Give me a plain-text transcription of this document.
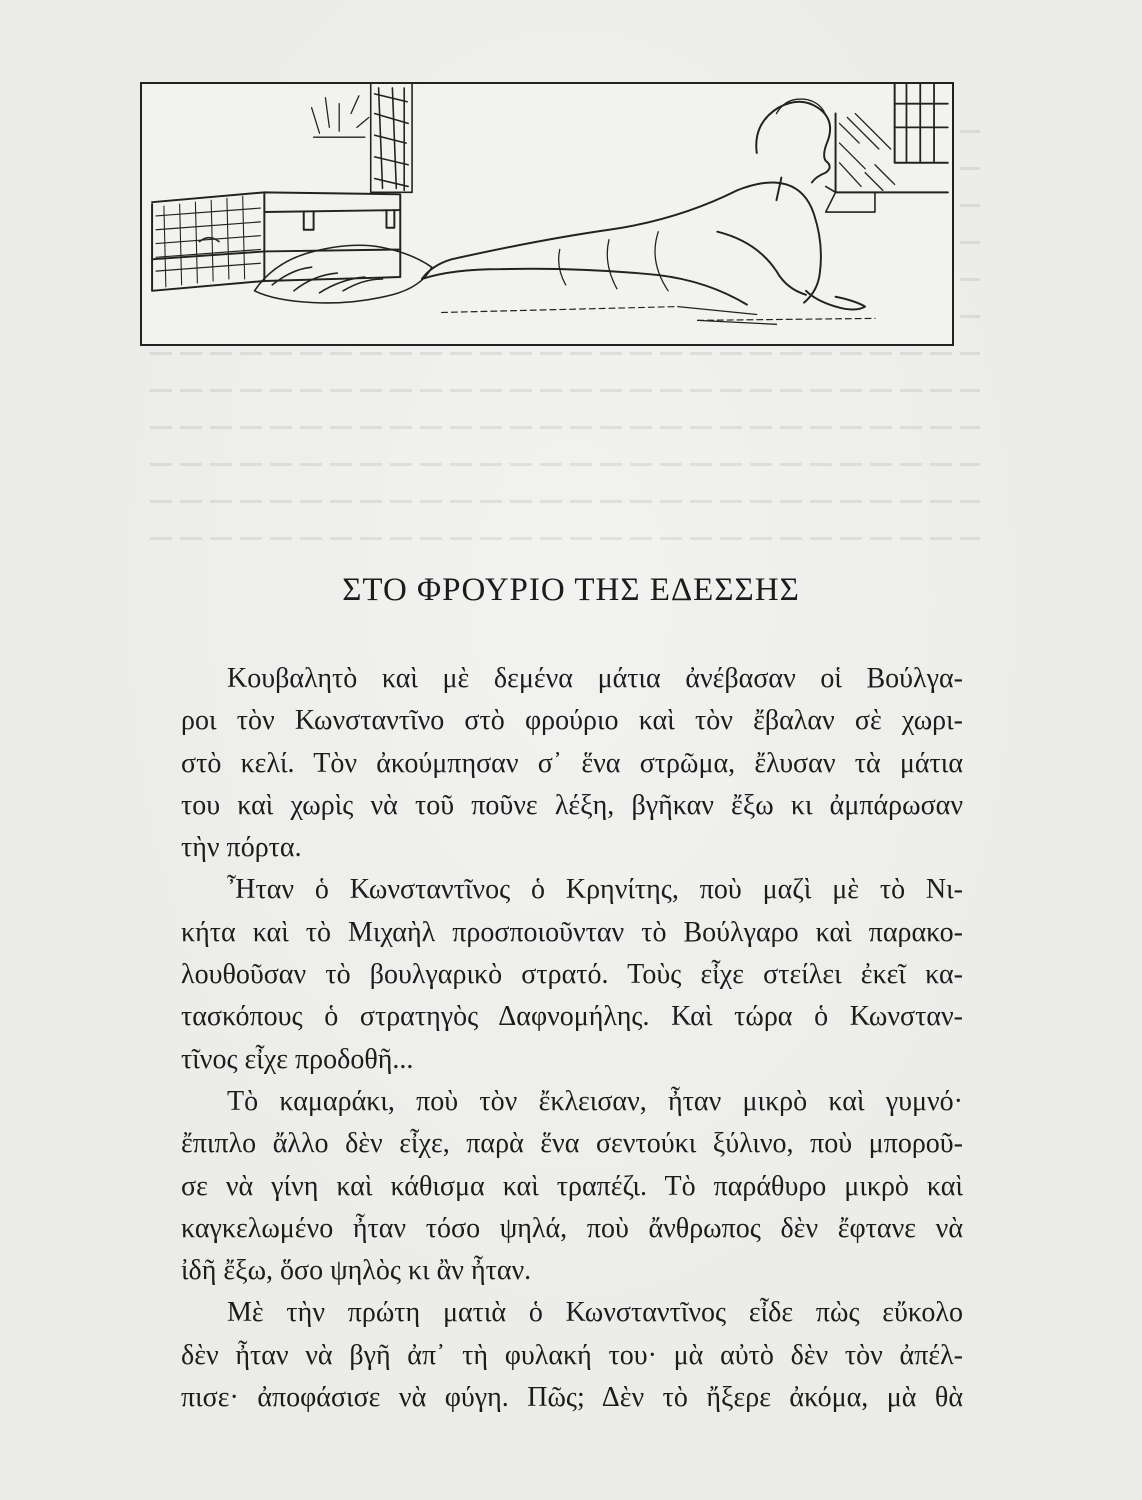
ΣΤΟ ΦΡΟΥΡΙΟ ΤΗΣ ΕΔΕΣΣΗΣ

Κουβαλητὸ καὶ μὲ δεμένα μάτια ἀνέβασαν οἱ Βούλγα-
ροι τὸν Κωνσταντῖνο στὸ φρούριο καὶ τὸν ἔβαλαν σὲ χωρι-
στὸ κελί. Τὸν ἀκούμπησαν σ᾽ ἕνα στρῶμα, ἔλυσαν τὰ μάτια
του καὶ χωρὶς νὰ τοῦ ποῦνε λέξη, βγῆκαν ἔξω κι ἀμπάρωσαν
τὴν πόρτα.

Ἦταν ὁ Κωνσταντῖνος ὁ Κρηνίτης, ποὺ μαζὶ μὲ τὸ Νι-
κήτα καὶ τὸ Μιχαὴλ προσποιοῦνταν τὸ Βούλγαρο καὶ παρακο-
λουθοῦσαν τὸ βουλγαρικὸ στρατό. Τοὺς εἶχε στείλει ἐκεῖ κα-
τασκόπους ὁ στρατηγὸς Δαφνομήλης. Καὶ τώρα ὁ Κωνσταν-
τῖνος εἶχε προδοθῆ...

Τὸ καμαράκι, ποὺ τὸν ἔκλεισαν, ἦταν μικρὸ καὶ γυμνό·
ἔπιπλο ἄλλο δὲν εἶχε, παρὰ ἕνα σεντούκι ξύλινο, ποὺ μποροῦ-
σε νὰ γίνη καὶ κάθισμα καὶ τραπέζι. Τὸ παράθυρο μικρὸ καὶ
καγκελωμένο ἦταν τόσο ψηλά, ποὺ ἄνθρωπος δὲν ἔφτανε νὰ
ἰδῆ ἔξω, ὅσο ψηλὸς κι ἂν ἦταν.

Μὲ τὴν πρώτη ματιὰ ὁ Κωνσταντῖνος εἶδε πὼς εὔκολο
δὲν ἦταν νὰ βγῆ ἀπ᾽ τὴ φυλακή του· μὰ αὐτὸ δὲν τὸν ἀπέλ-
πισε· ἀποφάσισε νὰ φύγη. Πῶς; Δὲν τὸ ἤξερε ἀκόμα, μὰ θὰ
